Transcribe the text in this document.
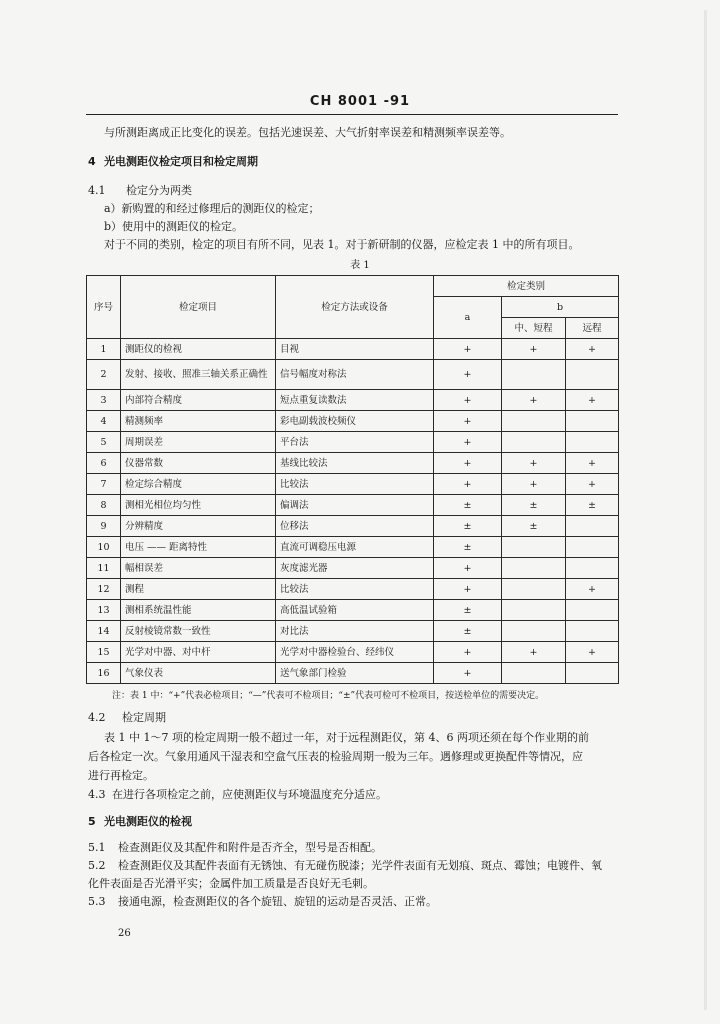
CH 8001 -91
与所测距离成正比变化的误差。包括光速误差、大气折射率误差和精测频率误差等。
4 光电测距仪检定项目和检定周期
4.1 检定分为两类
a）新购置的和经过修理后的测距仪的检定；
b）使用中的测距仪的检定。
对于不同的类别，检定的项目有所不同，见表 1。对于新研制的仪器，应检定表 1 中的所有项目。
表 1
序号	检定项目	检定方法或设备	检定类别		
			a	b	
				中、短程	远程
1	测距仪的检视	目视	+	+	+
2	发射、接收、照准三轴关系正确性	信号幅度对称法	+		
3	内部符合精度	短点重复读数法	+	+	+
4	精测频率	彩电副载波校频仪	+		
5	周期误差	平台法	+		
6	仪器常数	基线比较法	+	+	+
7	检定综合精度	比较法	+	+	+
8	测相光相位均匀性	偏调法	±	±	±
9	分辨精度	位移法	±	±	
10	电压 —— 距离特性	直流可调稳压电源	±		
11	幅相误差	灰度滤光器	+		
12	测程	比较法	+		+
13	测相系统温性能	高低温试验箱	±		
14	反射棱镜常数一致性	对比法	±		
15	光学对中器、对中杆	光学对中器检验台、经纬仪	+	+	+
16	气象仪表	送气象部门检验	+		
注：表 1 中：“+”代表必检项目；“—”代表可不检项目；“±”代表可检可不检项目，按送检单位的需要决定。
4.2 检定周期
表 1 中 1～7 项的检定周期一般不超过一年，对于远程测距仪，第 4、6 两项还须在每个作业期的前
后各检定一次。气象用通风干湿表和空盒气压表的检验周期一般为三年。遇修理或更换配件等情况，应
进行再检定。
4.3 在进行各项检定之前，应使测距仪与环境温度充分适应。
5 光电测距仪的检视
5.1 检查测距仪及其配件和附件是否齐全，型号是否相配。
5.2 检查测距仪及其配件表面有无锈蚀、有无碰伤脱漆；光学件表面有无划痕、斑点、霉蚀；电镀件、氧
化件表面是否光滑平实；金属件加工质量是否良好无毛刺。
5.3 接通电源，检查测距仪的各个旋钮、旋钮的运动是否灵活、正常。
26
